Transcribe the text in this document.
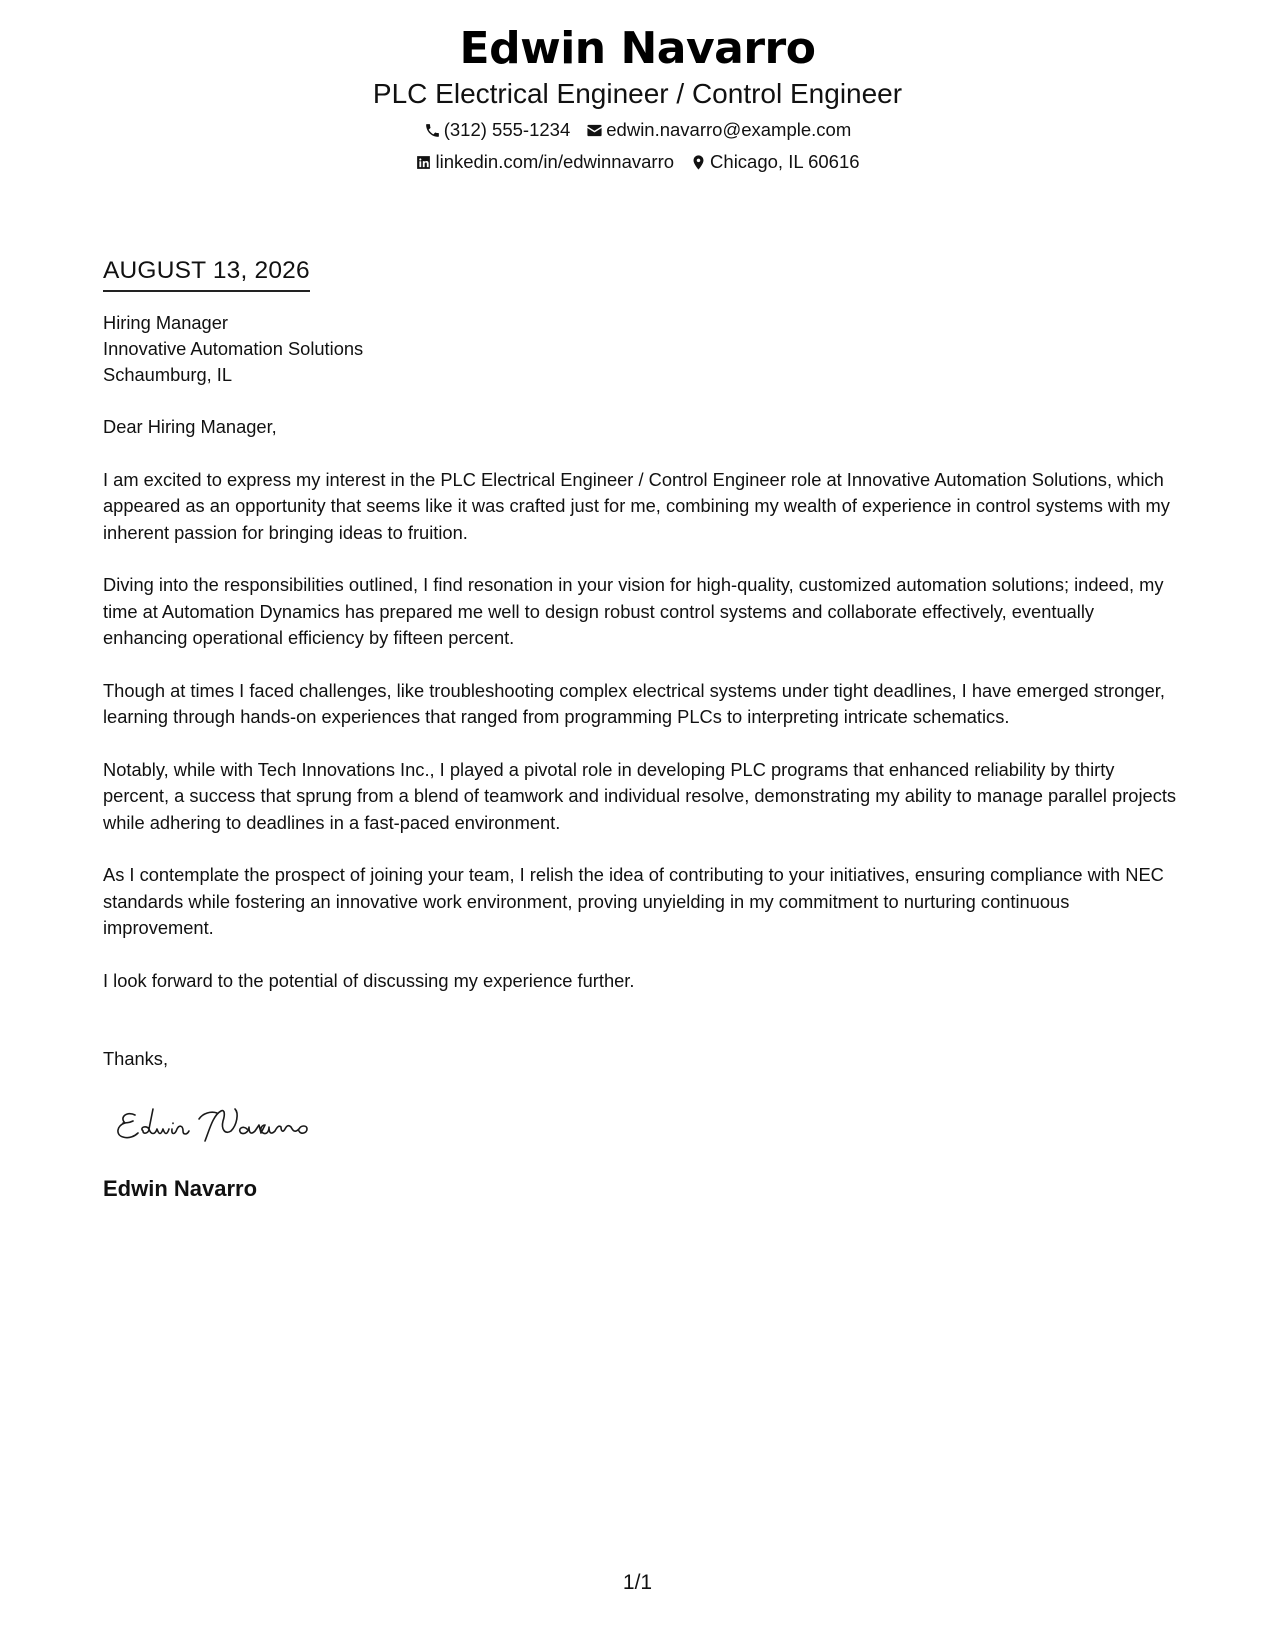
Edwin Navarro
PLC Electrical Engineer / Control Engineer
(312) 555-1234 edwin.navarro@example.com
linkedin.com/in/edwinnavarro Chicago, IL 60616
AUGUST 13, 2026
Hiring Manager
Innovative Automation Solutions
Schaumburg, IL
Dear Hiring Manager,
I am excited to express my interest in the PLC Electrical Engineer / Control Engineer role at Innovative Automation Solutions, which appeared as an opportunity that seems like it was crafted just for me, combining my wealth of experience in control systems with my inherent passion for bringing ideas to fruition.
Diving into the responsibilities outlined, I find resonation in your vision for high-quality, customized automation solutions; indeed, my time at Automation Dynamics has prepared me well to design robust control systems and collaborate effectively, eventually enhancing operational efficiency by fifteen percent.
Though at times I faced challenges, like troubleshooting complex electrical systems under tight deadlines, I have emerged stronger, learning through hands-on experiences that ranged from programming PLCs to interpreting intricate schematics.
Notably, while with Tech Innovations Inc., I played a pivotal role in developing PLC programs that enhanced reliability by thirty percent, a success that sprung from a blend of teamwork and individual resolve, demonstrating my ability to manage parallel projects while adhering to deadlines in a fast-paced environment.
As I contemplate the prospect of joining your team, I relish the idea of contributing to your initiatives, ensuring compliance with NEC standards while fostering an innovative work environment, proving unyielding in my commitment to nurturing continuous improvement.
I look forward to the potential of discussing my experience further.
Thanks,
Edwin Navarro
1/1
